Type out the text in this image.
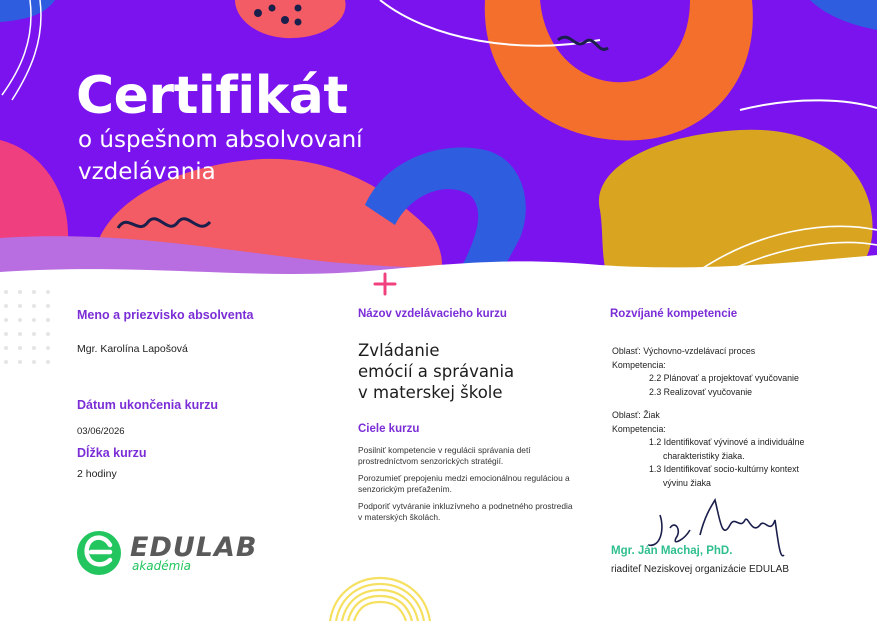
Certifikát
o úspešnom absolvovaní vzdelávania
Meno a priezvisko absolventa
Mgr. Karolína Lapošová
Dátum ukončenia kurzu
03/06/2026
Dĺžka kurzu
2 hodiny
Názov vzdelávacieho kurzu
Zvládanie
emócií a správania
v materskej škole
Ciele kurzu
Posilniť kompetencie v regulácii správania detí prostredníctvom senzorických stratégií.
Porozumieť prepojeniu medzi emocionálnou reguláciou a senzorickým preťažením.
Podporiť vytváranie inkluzívneho a podnetného prostredia v materských školách.
Rozvíjané kompetencie
Oblasť: Výchovno-vzdelávací proces
Kompetencia:
2.2 Plánovať a projektovať vyučovanie
2.3 Realizovať vyučovanie
Oblasť: Žiak
Kompetencia:
1.2 Identifikovať vývinové a individuálne
charakteristiky žiaka.
1.3 Identifikovať socio-kultúrny kontext
vývinu žiaka
EDULAB
akadémia
Mgr. Ján Machaj, PhD.
riaditeľ Neziskovej organizácie EDULAB
